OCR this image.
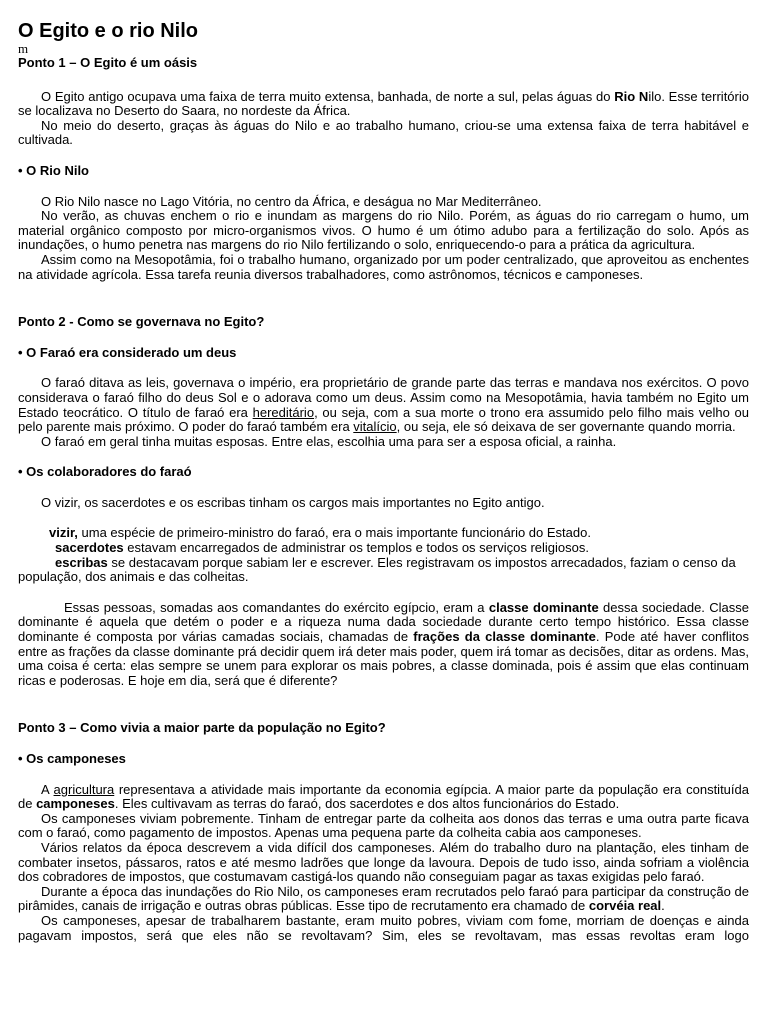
O Egito e o rio Nilo

m

Ponto 1 – O Egito é um oásis

O Egito antigo ocupava uma faixa de terra muito extensa, banhada, de norte a sul, pelas águas do Rio Nilo. Esse território se localizava no Deserto do Saara, no nordeste da África.

No meio do deserto, graças às águas do Nilo e ao trabalho humano, criou-se uma extensa faixa de terra habitável e cultivada.

• O Rio Nilo

O Rio Nilo nasce no Lago Vitória, no centro da África, e deságua no Mar Mediterrâneo.

No verão, as chuvas enchem o rio e inundam as margens do rio Nilo. Porém, as águas do rio carregam o humo, um material orgânico composto por micro-organismos vivos. O humo é um ótimo adubo para a fertilização do solo. Após as inundações, o humo penetra nas margens do rio Nilo fertilizando o solo, enriquecendo-o para a prática da agricultura.

Assim como na Mesopotâmia, foi o trabalho humano, organizado por um poder centralizado, que aproveitou as enchentes na atividade agrícola. Essa tarefa reunia diversos trabalhadores, como astrônomos, técnicos e camponeses.

Ponto 2 - Como se governava no Egito?

• O Faraó era considerado um deus

O faraó ditava as leis, governava o império, era proprietário de grande parte das terras e mandava nos exércitos. O povo considerava o faraó filho do deus Sol e o adorava como um deus. Assim como na Mesopotâmia, havia também no Egito um Estado teocrático. O título de faraó era hereditário, ou seja, com a sua morte o trono era assumido pelo filho mais velho ou pelo parente mais próximo. O poder do faraó também era vitalício, ou seja, ele só deixava de ser governante quando morria.

O faraó em geral tinha muitas esposas. Entre elas, escolhia uma para ser a esposa oficial, a rainha.

• Os colaboradores do faraó

O vizir, os sacerdotes e os escribas tinham os cargos mais importantes no Egito antigo.

vizir, uma espécie de primeiro-ministro do faraó, era o mais importante funcionário do Estado.

sacerdotes estavam encarregados de administrar os templos e todos os serviços religiosos.

escribas se destacavam porque sabiam ler e escrever. Eles registravam os impostos arrecadados, faziam o censo da população, dos animais e das colheitas.

Essas pessoas, somadas aos comandantes do exército egípcio, eram a classe dominante dessa sociedade. Classe dominante é aquela que detém o poder e a riqueza numa dada sociedade durante certo tempo histórico. Essa classe dominante é composta por várias camadas sociais, chamadas de frações da classe dominante. Pode até haver conflitos entre as frações da classe dominante prá decidir quem irá deter mais poder, quem irá tomar as decisões, ditar as ordens. Mas, uma coisa é certa: elas sempre se unem para explorar os mais pobres, a classe dominada, pois é assim que elas continuam ricas e poderosas. E hoje em dia, será que é diferente?

Ponto 3 – Como vivia a maior parte da população no Egito?

• Os camponeses

A agricultura representava a atividade mais importante da economia egípcia. A maior parte da população era constituída de camponeses. Eles cultivavam as terras do faraó, dos sacerdotes e dos altos funcionários do Estado.

Os camponeses viviam pobremente. Tinham de entregar parte da colheita aos donos das terras e uma outra parte ficava com o faraó, como pagamento de impostos. Apenas uma pequena parte da colheita cabia aos camponeses.

Vários relatos da época descrevem a vida difícil dos camponeses. Além do trabalho duro na plantação, eles tinham de combater insetos, pássaros, ratos e até mesmo ladrões que longe da lavoura. Depois de tudo isso, ainda sofriam a violência dos cobradores de impostos, que costumavam castigá-los quando não conseguiam pagar as taxas exigidas pelo faraó.

Durante a época das inundações do Rio Nilo, os camponeses eram recrutados pelo faraó para participar da construção de pirâmides, canais de irrigação e outras obras públicas. Esse tipo de recrutamento era chamado de corvéia real.

Os camponeses, apesar de trabalharem bastante, eram muito pobres, viviam com fome, morriam de doenças e ainda pagavam impostos, será que eles não se revoltavam? Sim, eles se revoltavam, mas essas revoltas eram logo
